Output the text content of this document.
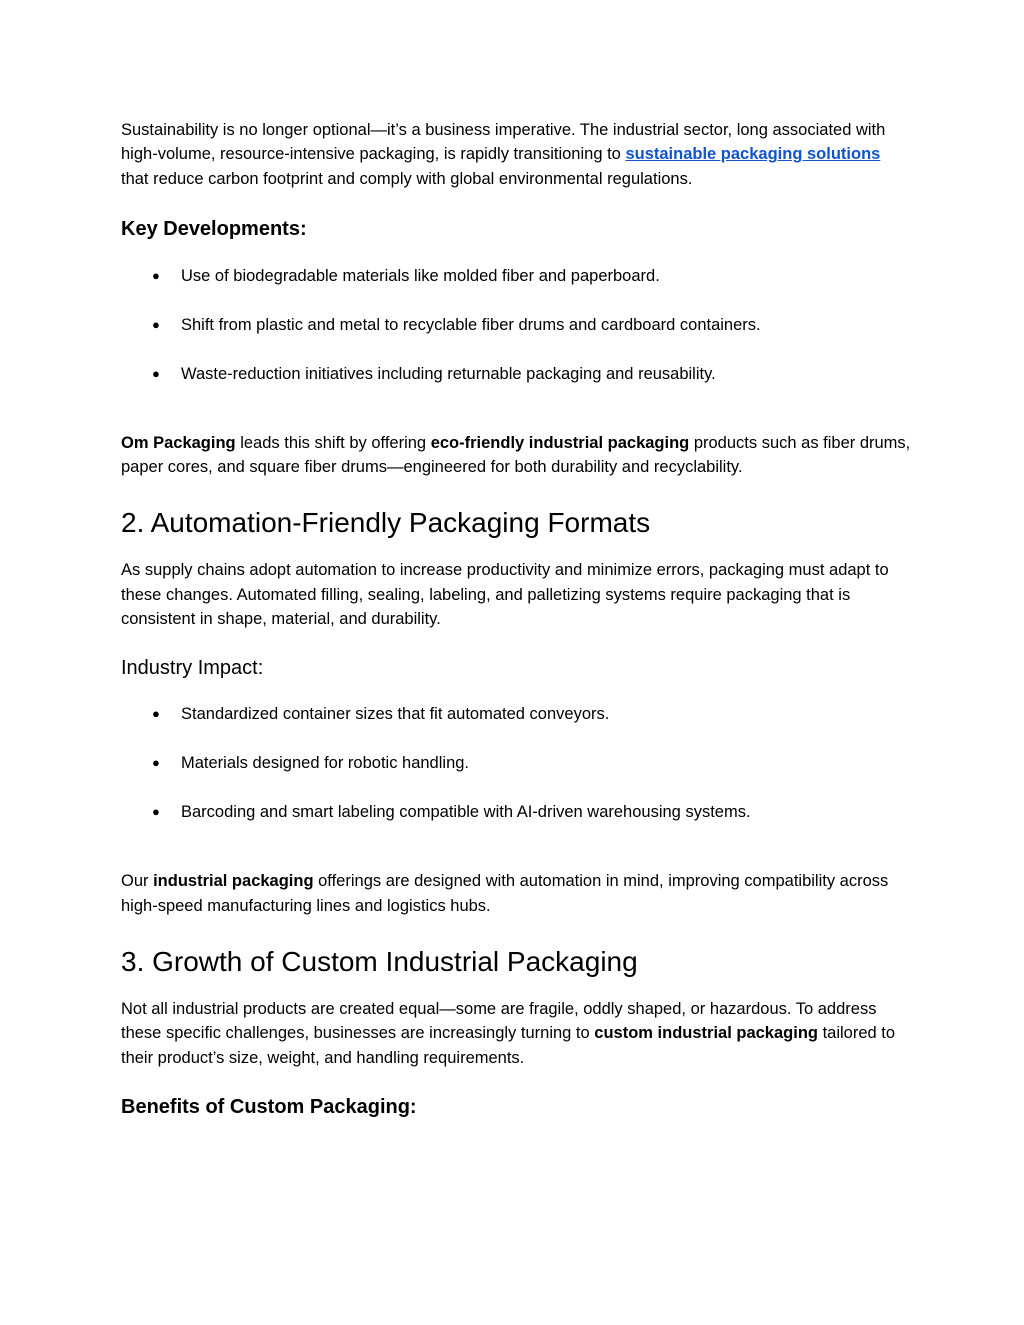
Sustainability is no longer optional—it’s a business imperative. The industrial sector, long associated with high-volume, resource-intensive packaging, is rapidly transitioning to sustainable packaging solutions that reduce carbon footprint and comply with global environmental regulations.

Key Developments:
● Use of biodegradable materials like molded fiber and paperboard.
● Shift from plastic and metal to recyclable fiber drums and cardboard containers.
● Waste-reduction initiatives including returnable packaging and reusability.

Om Packaging leads this shift by offering eco-friendly industrial packaging products such as fiber drums, paper cores, and square fiber drums—engineered for both durability and recyclability.

2. Automation-Friendly Packaging Formats

As supply chains adopt automation to increase productivity and minimize errors, packaging must adapt to these changes. Automated filling, sealing, labeling, and palletizing systems require packaging that is consistent in shape, material, and durability.

Industry Impact:
● Standardized container sizes that fit automated conveyors.
● Materials designed for robotic handling.
● Barcoding and smart labeling compatible with AI-driven warehousing systems.

Our industrial packaging offerings are designed with automation in mind, improving compatibility across high-speed manufacturing lines and logistics hubs.

3. Growth of Custom Industrial Packaging

Not all industrial products are created equal—some are fragile, oddly shaped, or hazardous. To address these specific challenges, businesses are increasingly turning to custom industrial packaging tailored to their product’s size, weight, and handling requirements.

Benefits of Custom Packaging:
